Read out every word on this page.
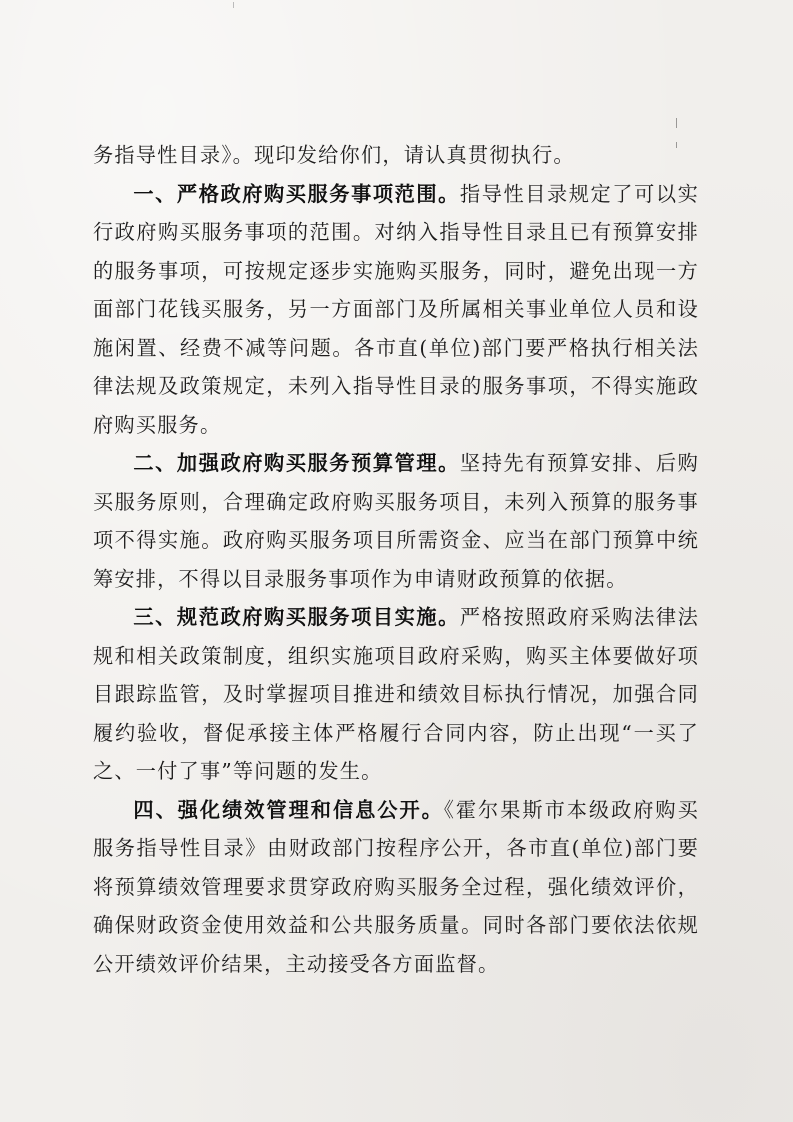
务指导性目录》。现印发给你们，请认真贯彻执行。

一、严格政府购买服务事项范围。指导性目录规定了可以实行政府购买服务事项的范围。对纳入指导性目录且已有预算安排的服务事项，可按规定逐步实施购买服务，同时，避免出现一方面部门花钱买服务，另一方面部门及所属相关事业单位人员和设施闲置、经费不减等问题。各市直(单位)部门要严格执行相关法律法规及政策规定，未列入指导性目录的服务事项，不得实施政府购买服务。

二、加强政府购买服务预算管理。坚持先有预算安排、后购买服务原则，合理确定政府购买服务项目，未列入预算的服务事项不得实施。政府购买服务项目所需资金、应当在部门预算中统筹安排，不得以目录服务事项作为申请财政预算的依据。

三、规范政府购买服务项目实施。严格按照政府采购法律法规和相关政策制度，组织实施项目政府采购，购买主体要做好项目跟踪监管，及时掌握项目推进和绩效目标执行情况，加强合同履约验收，督促承接主体严格履行合同内容，防止出现“一买了之、一付了事”等问题的发生。

四、强化绩效管理和信息公开。《霍尔果斯市本级政府购买服务指导性目录》由财政部门按程序公开，各市直(单位)部门要将预算绩效管理要求贯穿政府购买服务全过程，强化绩效评价，确保财政资金使用效益和公共服务质量。同时各部门要依法依规公开绩效评价结果，主动接受各方面监督。
